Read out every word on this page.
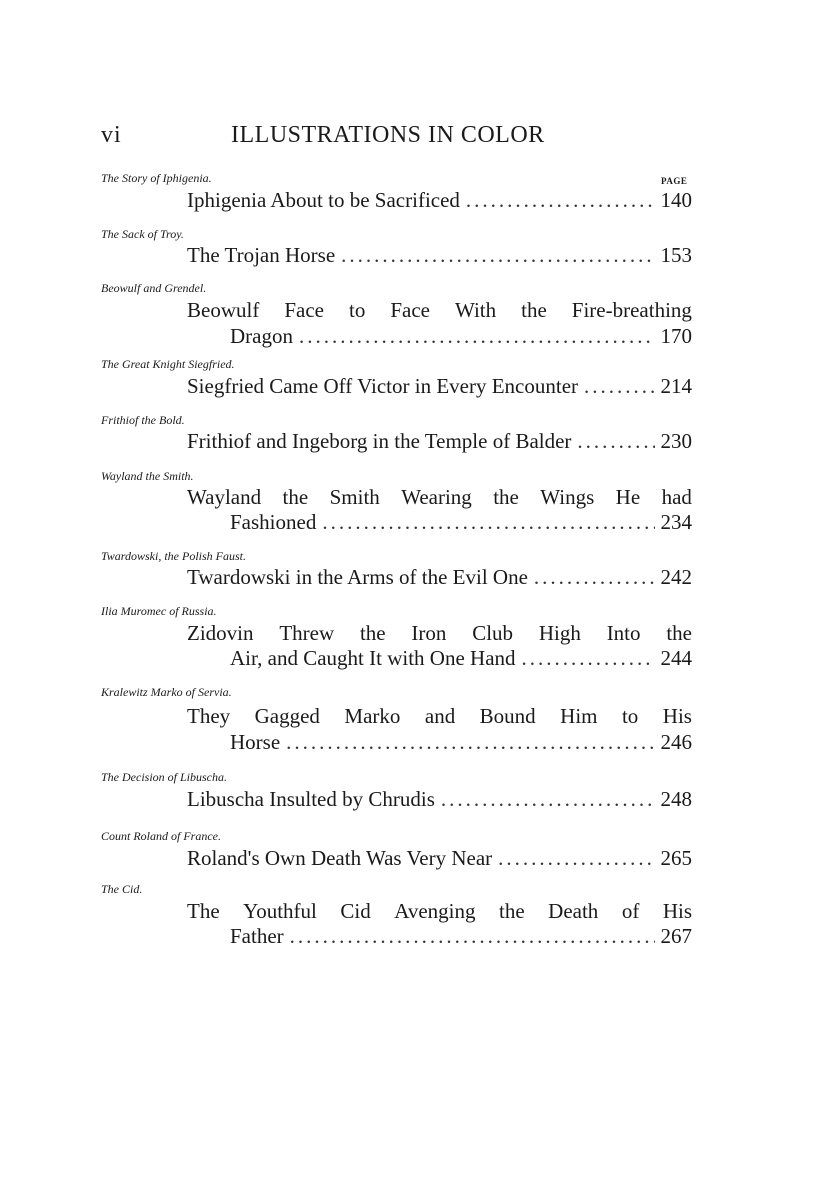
vi	ILLUSTRATIONS IN COLOR
PAGE
The Story of Iphigenia.
Iphigenia About to be Sacrificed .....	140
The Sack of Troy.
The Trojan Horse .....	153
Beowulf and Grendel.
Beowulf Face to Face With the Fire-breathing
Dragon .....	170
The Great Knight Siegfried.
Siegfried Came Off Victor in Every Encounter .....	214
Frithiof the Bold.
Frithiof and Ingeborg in the Temple of Balder .....	230
Wayland the Smith.
Wayland the Smith Wearing the Wings He had
Fashioned .....	234
Twardowski, the Polish Faust.
Twardowski in the Arms of the Evil One .....	242
Ilia Muromec of Russia.
Zidovin Threw the Iron Club High Into the
Air, and Caught It with One Hand .....	244
Kralewitz Marko of Servia.
They Gagged Marko and Bound Him to His
Horse .....	246
The Decision of Libuscha.
Libuscha Insulted by Chrudis .....	248
Count Roland of France.
Roland's Own Death Was Very Near .....	265
The Cid.
The Youthful Cid Avenging the Death of His
Father .....	267
